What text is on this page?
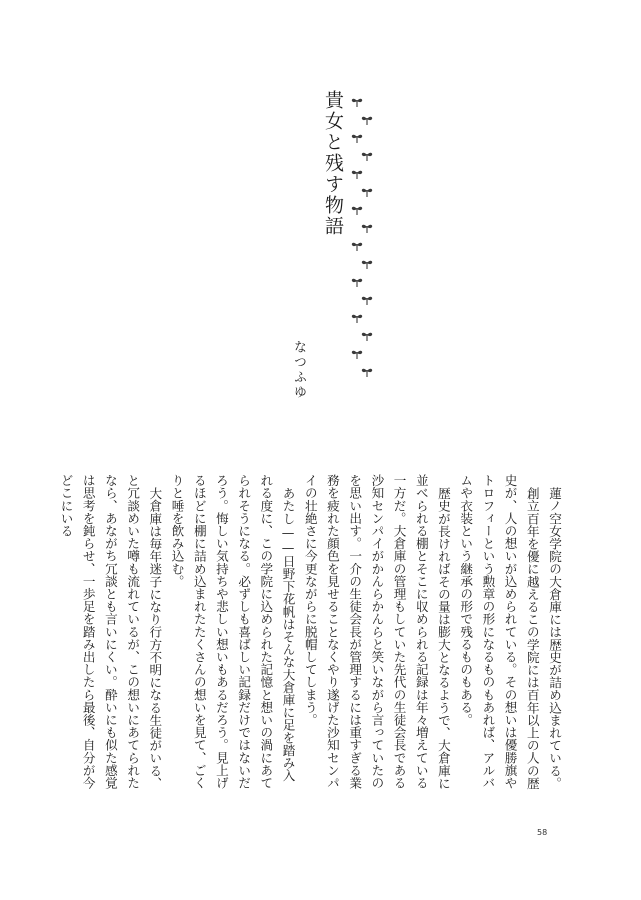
貴女と残す物語
なつふゆ

蓮ノ空女学院の大倉庫には歴史が詰め込まれている。

創立百年を優に越えるこの学院には百年以上の人の歴史が、人の想いが込められている。その想いは優勝旗やトロフィーという勲章の形になるものもあれば、アルバムや衣装という継承の形で残るものもある。

歴史が長ければその量は膨大となるようで、大倉庫に並べられる棚とそこに収められる記録は年々増えている一方だ。大倉庫の管理もしていた先代の生徒会長である沙知センパイがかんらかんらと笑いながら言っていたのを思い出す。一介の生徒会長が管理するには重すぎる業務を疲れた顔色を見せることなくやり遂げた沙知センパイの壮絶さに今更ながらに脱帽してしまう。

あたし——日野下花帆はそんな大倉庫に足を踏み入れる度に、この学院に込められた記憶と想いの渦にあてられそうになる。必ずしも喜ばしい記録だけではないだろう。悔しい気持ちや悲しい想いもあるだろう。見上げるほどに棚に詰め込まれたたくさんの想いを見て、ごくりと唾を飲み込む。

大倉庫は毎年迷子になり行方不明になる生徒がいる、と冗談めいた噂も流れているが、この想いにあてられたなら、あながち冗談とも言いにくい。酔いにも似た感覚は思考を鈍らせ、一歩足を踏み出したら最後、自分が今どこにいる

58
